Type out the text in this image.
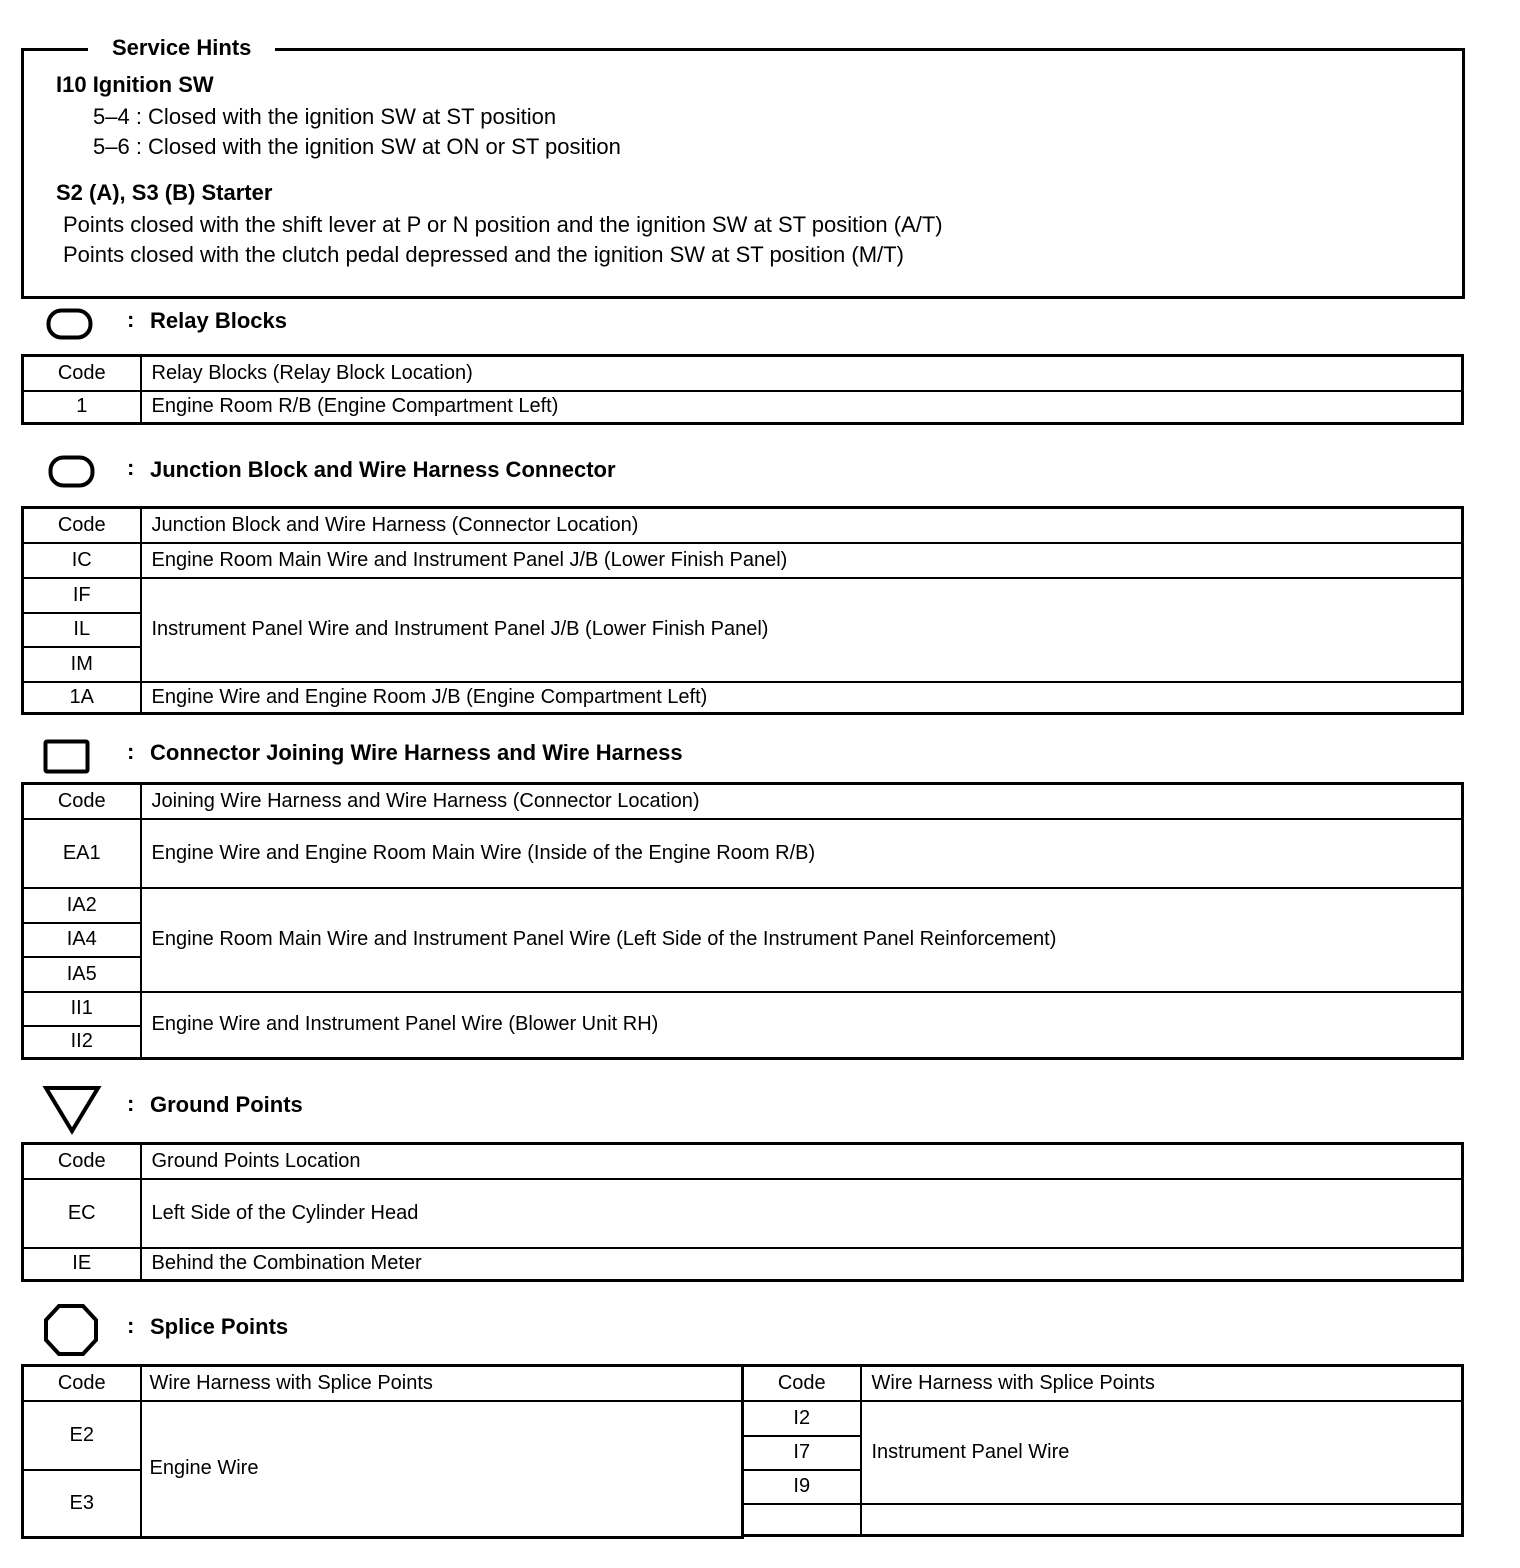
Service Hints
I10 Ignition SW
5–4 : Closed with the ignition SW at ST position
5–6 : Closed with the ignition SW at ON or ST position
S2 (A), S3 (B) Starter
Points closed with the shift lever at P or N position and the ignition SW at ST position (A/T)
Points closed with the clutch pedal depressed and the ignition SW at ST position (M/T)
: Relay Blocks
Code	Relay Blocks (Relay Block Location)
1	Engine Room R/B (Engine Compartment Left)
: Junction Block and Wire Harness Connector
Code	Junction Block and Wire Harness (Connector Location)
IC	Engine Room Main Wire and Instrument Panel J/B (Lower Finish Panel)
IF	Instrument Panel Wire and Instrument Panel J/B (Lower Finish Panel)
IL	
IM	
1A	Engine Wire and Engine Room J/B (Engine Compartment Left)
: Connector Joining Wire Harness and Wire Harness
Code	Joining Wire Harness and Wire Harness (Connector Location)
EA1	Engine Wire and Engine Room Main Wire (Inside of the Engine Room R/B)
IA2	Engine Room Main Wire and Instrument Panel Wire (Left Side of the Instrument Panel Reinforcement)
IA4	
IA5	
II1	Engine Wire and Instrument Panel Wire (Blower Unit RH)
II2	
: Ground Points
Code	Ground Points Location
EC	Left Side of the Cylinder Head
IE	Behind the Combination Meter
: Splice Points
Code	Wire Harness with Splice Points
E2	Engine Wire
E3	
Code	Wire Harness with Splice Points
I2	Instrument Panel Wire
I7	
I9	
